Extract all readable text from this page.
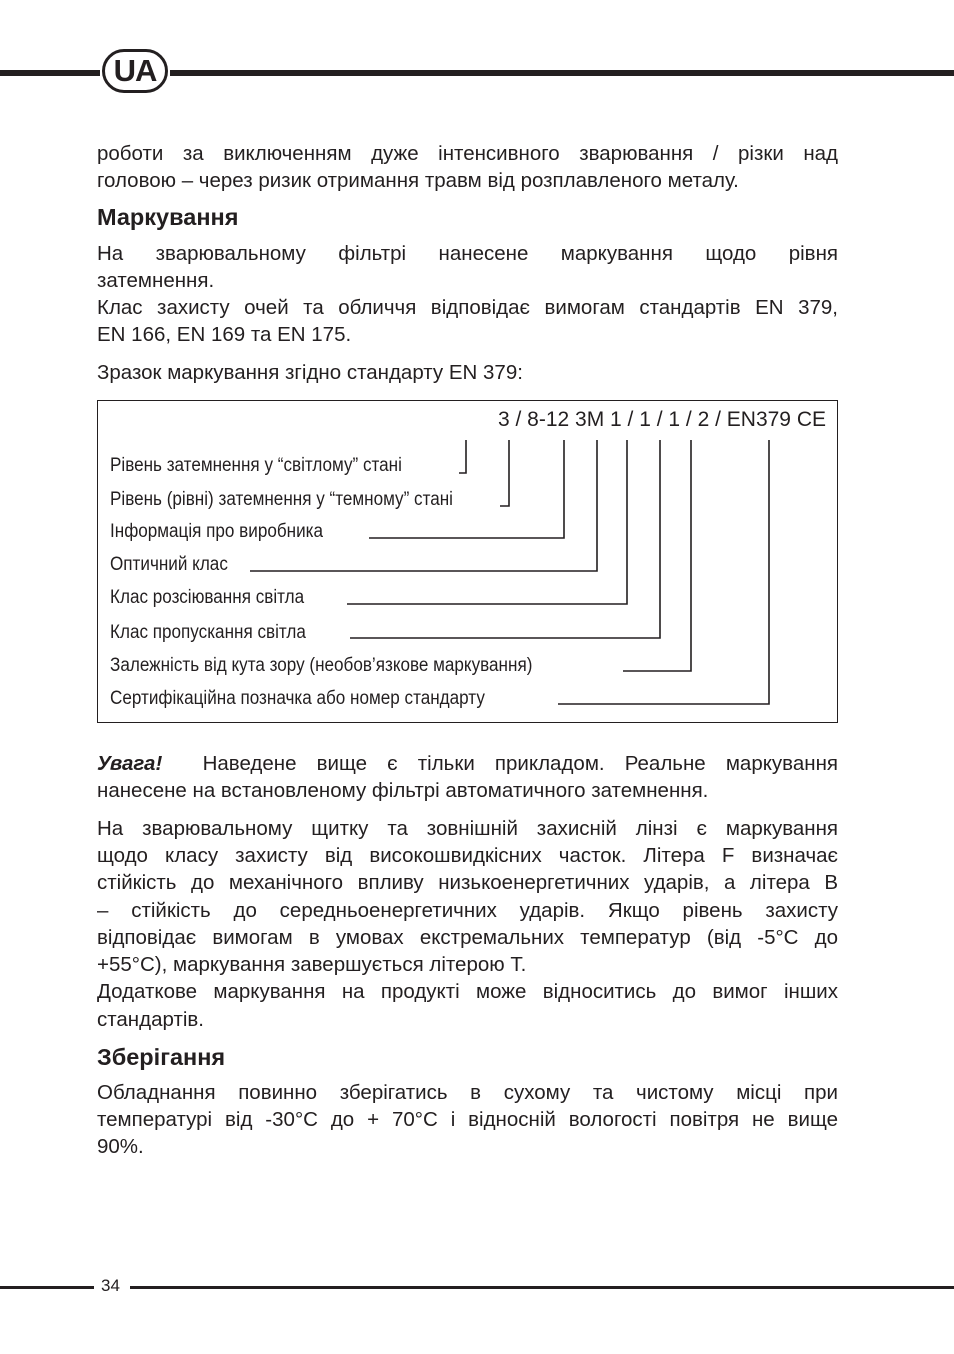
UA
роботи за виключенням дуже інтенсивного зварювання / різки над
головою – через ризик отримання травм від розплавленого металу.
Маркування
На зварювальному фільтрі нанесене маркування щодо рівня
затемнення.
Клас захисту очей та обличчя відповідає вимогам стандартів EN 379,
EN 166, EN 169 та EN 175.
Зразок маркування згідно стандарту EN 379:
3 / 8-12 3M 1 / 1 / 1 / 2 / EN379 CE
Рівень затемнення у “світлому” стані
Рівень (рівні) затемнення у “темному” стані
Інформація про виробника
Оптичний клас
Клас розсіювання світла
Клас пропускання світла
Залежність від кута зору (необов’язкове маркування)
Сертифікаційна позначка або номер стандарту
Увага! Наведене вище є тільки прикладом. Реальне маркування
нанесене на встановленому фільтрі автоматичного затемнення.
На зварювальному щитку та зовнішній захисній лінзі є маркування
щодо класу захисту від високошвидкісних часток. Літера F визначає
стійкість до механічного впливу низькоенергетичних ударів, а літера B
– стійкість до середньоенергетичних ударів. Якщо рівень захисту
відповідає вимогам в умовах екстремальних температур (від -5°C до
+55°C), маркування завершується літерою T.
Додаткове маркування на продукті може відноситись до вимог інших
стандартів.
Зберігання
Обладнання повинно зберігатись в сухому та чистому місці при
температурі від -30°C до + 70°C і відносній вологості повітря не вище
90%.
34
